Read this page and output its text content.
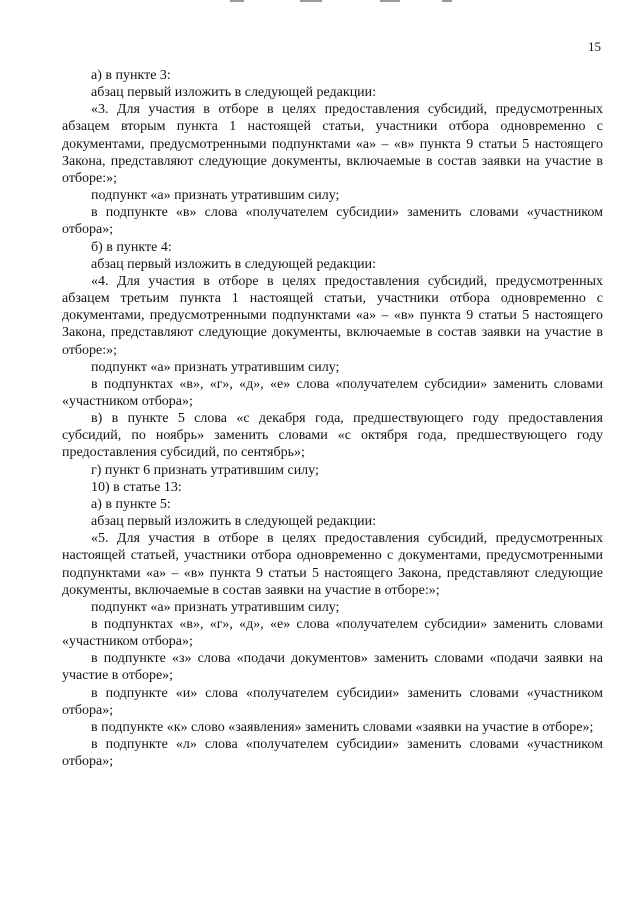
15

а) в пункте 3:

абзац первый изложить в следующей редакции:

«3. Для участия в отборе в целях предоставления субсидий, предусмотренных абзацем вторым пункта 1 настоящей статьи, участники отбора одновременно с документами, предусмотренными подпунктами «а» – «в» пункта 9 статьи 5 настоящего Закона, представляют следующие документы, включаемые в состав заявки на участие в отборе:»;

подпункт «а» признать утратившим силу;

в подпункте «в» слова «получателем субсидии» заменить словами «участником отбора»;

б) в пункте 4:

абзац первый изложить в следующей редакции:

«4. Для участия в отборе в целях предоставления субсидий, предусмотренных абзацем третьим пункта 1 настоящей статьи, участники отбора одновременно с документами, предусмотренными подпунктами «а» – «в» пункта 9 статьи 5 настоящего Закона, представляют следующие документы, включаемые в состав заявки на участие в отборе:»;

подпункт «а» признать утратившим силу;

в подпунктах «в», «г», «д», «е» слова «получателем субсидии» заменить словами «участником отбора»;

в) в пункте 5 слова «с декабря года, предшествующего году предоставления субсидий, по ноябрь» заменить словами «с октября года, предшествующего году предоставления субсидий, по сентябрь»;

г) пункт 6 признать утратившим силу;

10) в статье 13:

а) в пункте 5:

абзац первый изложить в следующей редакции:

«5. Для участия в отборе в целях предоставления субсидий, предусмотренных настоящей статьей, участники отбора одновременно с документами, предусмотренными подпунктами «а» – «в» пункта 9 статьи 5 настоящего Закона, представляют следующие документы, включаемые в состав заявки на участие в отборе:»;

подпункт «а» признать утратившим силу;

в подпунктах «в», «г», «д», «е» слова «получателем субсидии» заменить словами «участником отбора»;

в подпункте «з» слова «подачи документов» заменить словами «подачи заявки на участие в отборе»;

в подпункте «и» слова «получателем субсидии» заменить словами «участником отбора»;

в подпункте «к» слово «заявления» заменить словами «заявки на участие в отборе»;

в подпункте «л» слова «получателем субсидии» заменить словами «участником отбора»;
